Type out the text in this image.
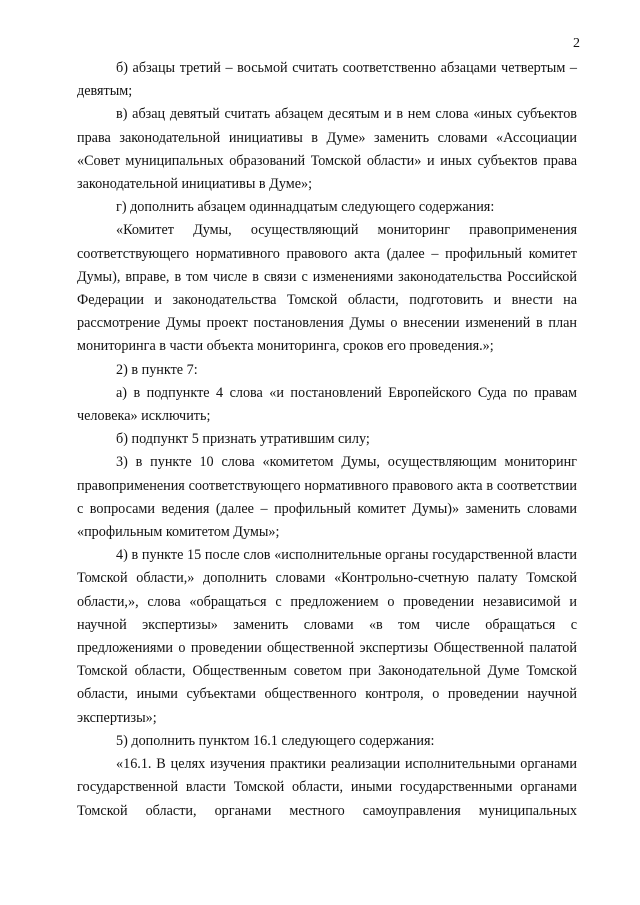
2

б) абзацы третий – восьмой считать соответственно абзацами четвертым – девятым;

в) абзац девятый считать абзацем десятым и в нем слова «иных субъектов права законодательной инициативы в Думе» заменить словами «Ассоциации «Совет муниципальных образований Томской области» и иных субъектов права законодательной инициативы в Думе»;

г) дополнить абзацем одиннадцатым следующего содержания:

«Комитет Думы, осуществляющий мониторинг правоприменения соответствующего нормативного правового акта (далее – профильный комитет Думы), вправе, в том числе в связи с изменениями законодательства Российской Федерации и законодательства Томской области, подготовить и внести на рассмотрение Думы проект постановления Думы о внесении изменений в план мониторинга в части объекта мониторинга, сроков его проведения.»;

2) в пункте 7:

а) в подпункте 4 слова «и постановлений Европейского Суда по правам человека» исключить;

б) подпункт 5 признать утратившим силу;

3) в пункте 10 слова «комитетом Думы, осуществляющим мониторинг правоприменения соответствующего нормативного правового акта в соответствии с вопросами ведения (далее – профильный комитет Думы)» заменить словами «профильным комитетом Думы»;

4) в пункте 15 после слов «исполнительные органы государственной власти Томской области,» дополнить словами «Контрольно-счетную палату Томской области,», слова «обращаться с предложением о проведении независимой и научной экспертизы» заменить словами «в том числе обращаться с предложениями о проведении общественной экспертизы Общественной палатой Томской области, Общественным советом при Законодательной Думе Томской области, иными субъектами общественного контроля, о проведении научной экспертизы»;

5) дополнить пунктом 16.1 следующего содержания:

«16.1. В целях изучения практики реализации исполнительными органами государственной власти Томской области, иными государственными органами Томской области, органами местного самоуправления муниципальных
